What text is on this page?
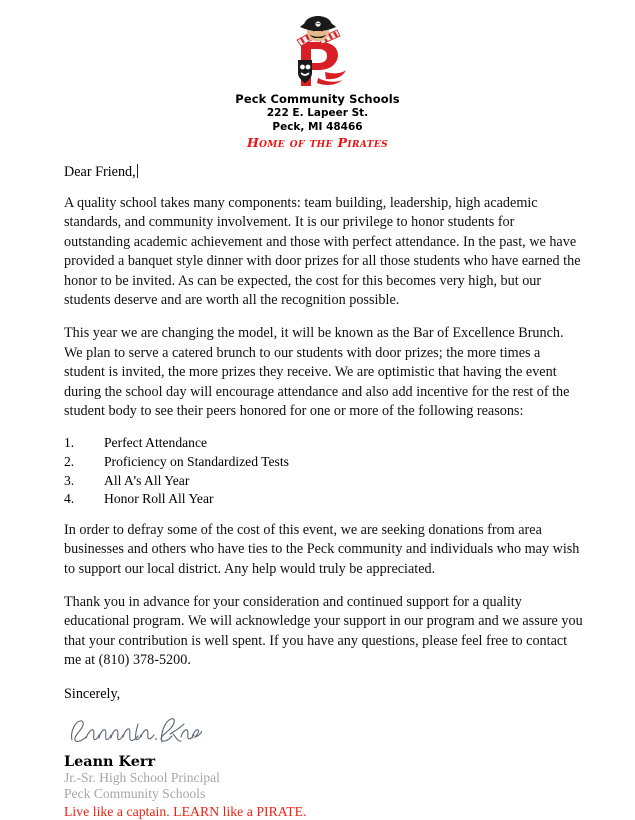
Peck Community Schools
222 E. Lapeer St.
Peck, MI 48466
Home of the Pirates
Dear Friend,

A quality school takes many components: team building, leadership, high academic standards, and community involvement. It is our privilege to honor students for outstanding academic achievement and those with perfect attendance. In the past, we have provided a banquet style dinner with door prizes for all those students who have earned the honor to be invited. As can be expected, the cost for this becomes very high, but our students deserve and are worth all the recognition possible.

This year we are changing the model, it will be known as the Bar of Excellence Brunch. We plan to serve a catered brunch to our students with door prizes; the more times a student is invited, the more prizes they receive. We are optimistic that having the event during the school day will encourage attendance and also add incentive for the rest of the student body to see their peers honored for one or more of the following reasons:

1.	Perfect Attendance
2.	Proficiency on Standardized Tests
3.	All A’s All Year
4.	Honor Roll All Year

In order to defray some of the cost of this event, we are seeking donations from area businesses and others who have ties to the Peck community and individuals who may wish to support our local district. Any help would truly be appreciated.

Thank you in advance for your consideration and continued support for a quality educational program. We will acknowledge your support in our program and we assure you that your contribution is well spent. If you have any questions, please feel free to contact me at (810) 378-5200.

Sincerely,

Leann Kerr

Jr.-Sr. High School Principal

Peck Community Schools

Live like a captain. LEARN like a PIRATE.
